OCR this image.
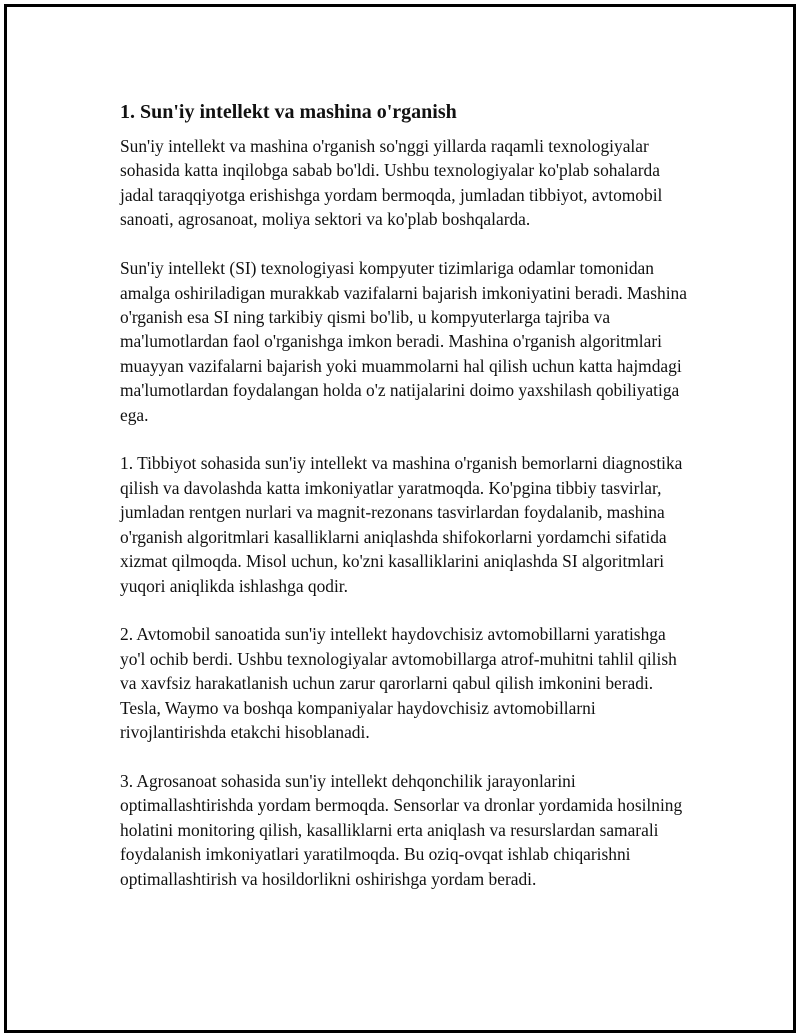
1. Sun'iy intellekt va mashina o'rganish

Sun'iy intellekt va mashina o'rganish so'nggi yillarda raqamli texnologiyalar sohasida katta inqilobga sabab bo'ldi. Ushbu texnologiyalar ko'plab sohalarda jadal taraqqiyotga erishishga yordam bermoqda, jumladan tibbiyot, avtomobil sanoati, agrosanoat, moliya sektori va ko'plab boshqalarda.

Sun'iy intellekt (SI) texnologiyasi kompyuter tizimlariga odamlar tomonidan amalga oshiriladigan murakkab vazifalarni bajarish imkoniyatini beradi. Mashina o'rganish esa SI ning tarkibiy qismi bo'lib, u kompyuterlarga tajriba va ma'lumotlardan faol o'rganishga imkon beradi. Mashina o'rganish algoritmlari muayyan vazifalarni bajarish yoki muammolarni hal qilish uchun katta hajmdagi ma'lumotlardan foydalangan holda o'z natijalarini doimo yaxshilash qobiliyatiga ega.

1. Tibbiyot sohasida sun'iy intellekt va mashina o'rganish bemorlarni diagnostika qilish va davolashda katta imkoniyatlar yaratmoqda. Ko'pgina tibbiy tasvirlar, jumladan rentgen nurlari va magnit-rezonans tasvirlardan foydalanib, mashina o'rganish algoritmlari kasalliklarni aniqlashda shifokorlarni yordamchi sifatida xizmat qilmoqda. Misol uchun, ko'zni kasalliklarini aniqlashda SI algoritmlari yuqori aniqlikda ishlashga qodir.

2. Avtomobil sanoatida sun'iy intellekt haydovchisiz avtomobillarni yaratishga yo'l ochib berdi. Ushbu texnologiyalar avtomobillarga atrof-muhitni tahlil qilish va xavfsiz harakatlanish uchun zarur qarorlarni qabul qilish imkonini beradi. Tesla, Waymo va boshqa kompaniyalar haydovchisiz avtomobillarni rivojlantirishda etakchi hisoblanadi.

3. Agrosanoat sohasida sun'iy intellekt dehqonchilik jarayonlarini optimallashtirishda yordam bermoqda. Sensorlar va dronlar yordamida hosilning holatini monitoring qilish, kasalliklarni erta aniqlash va resurslardan samarali foydalanish imkoniyatlari yaratilmoqda. Bu oziq-ovqat ishlab chiqarishni optimallashtirish va hosildorlikni oshirishga yordam beradi.
